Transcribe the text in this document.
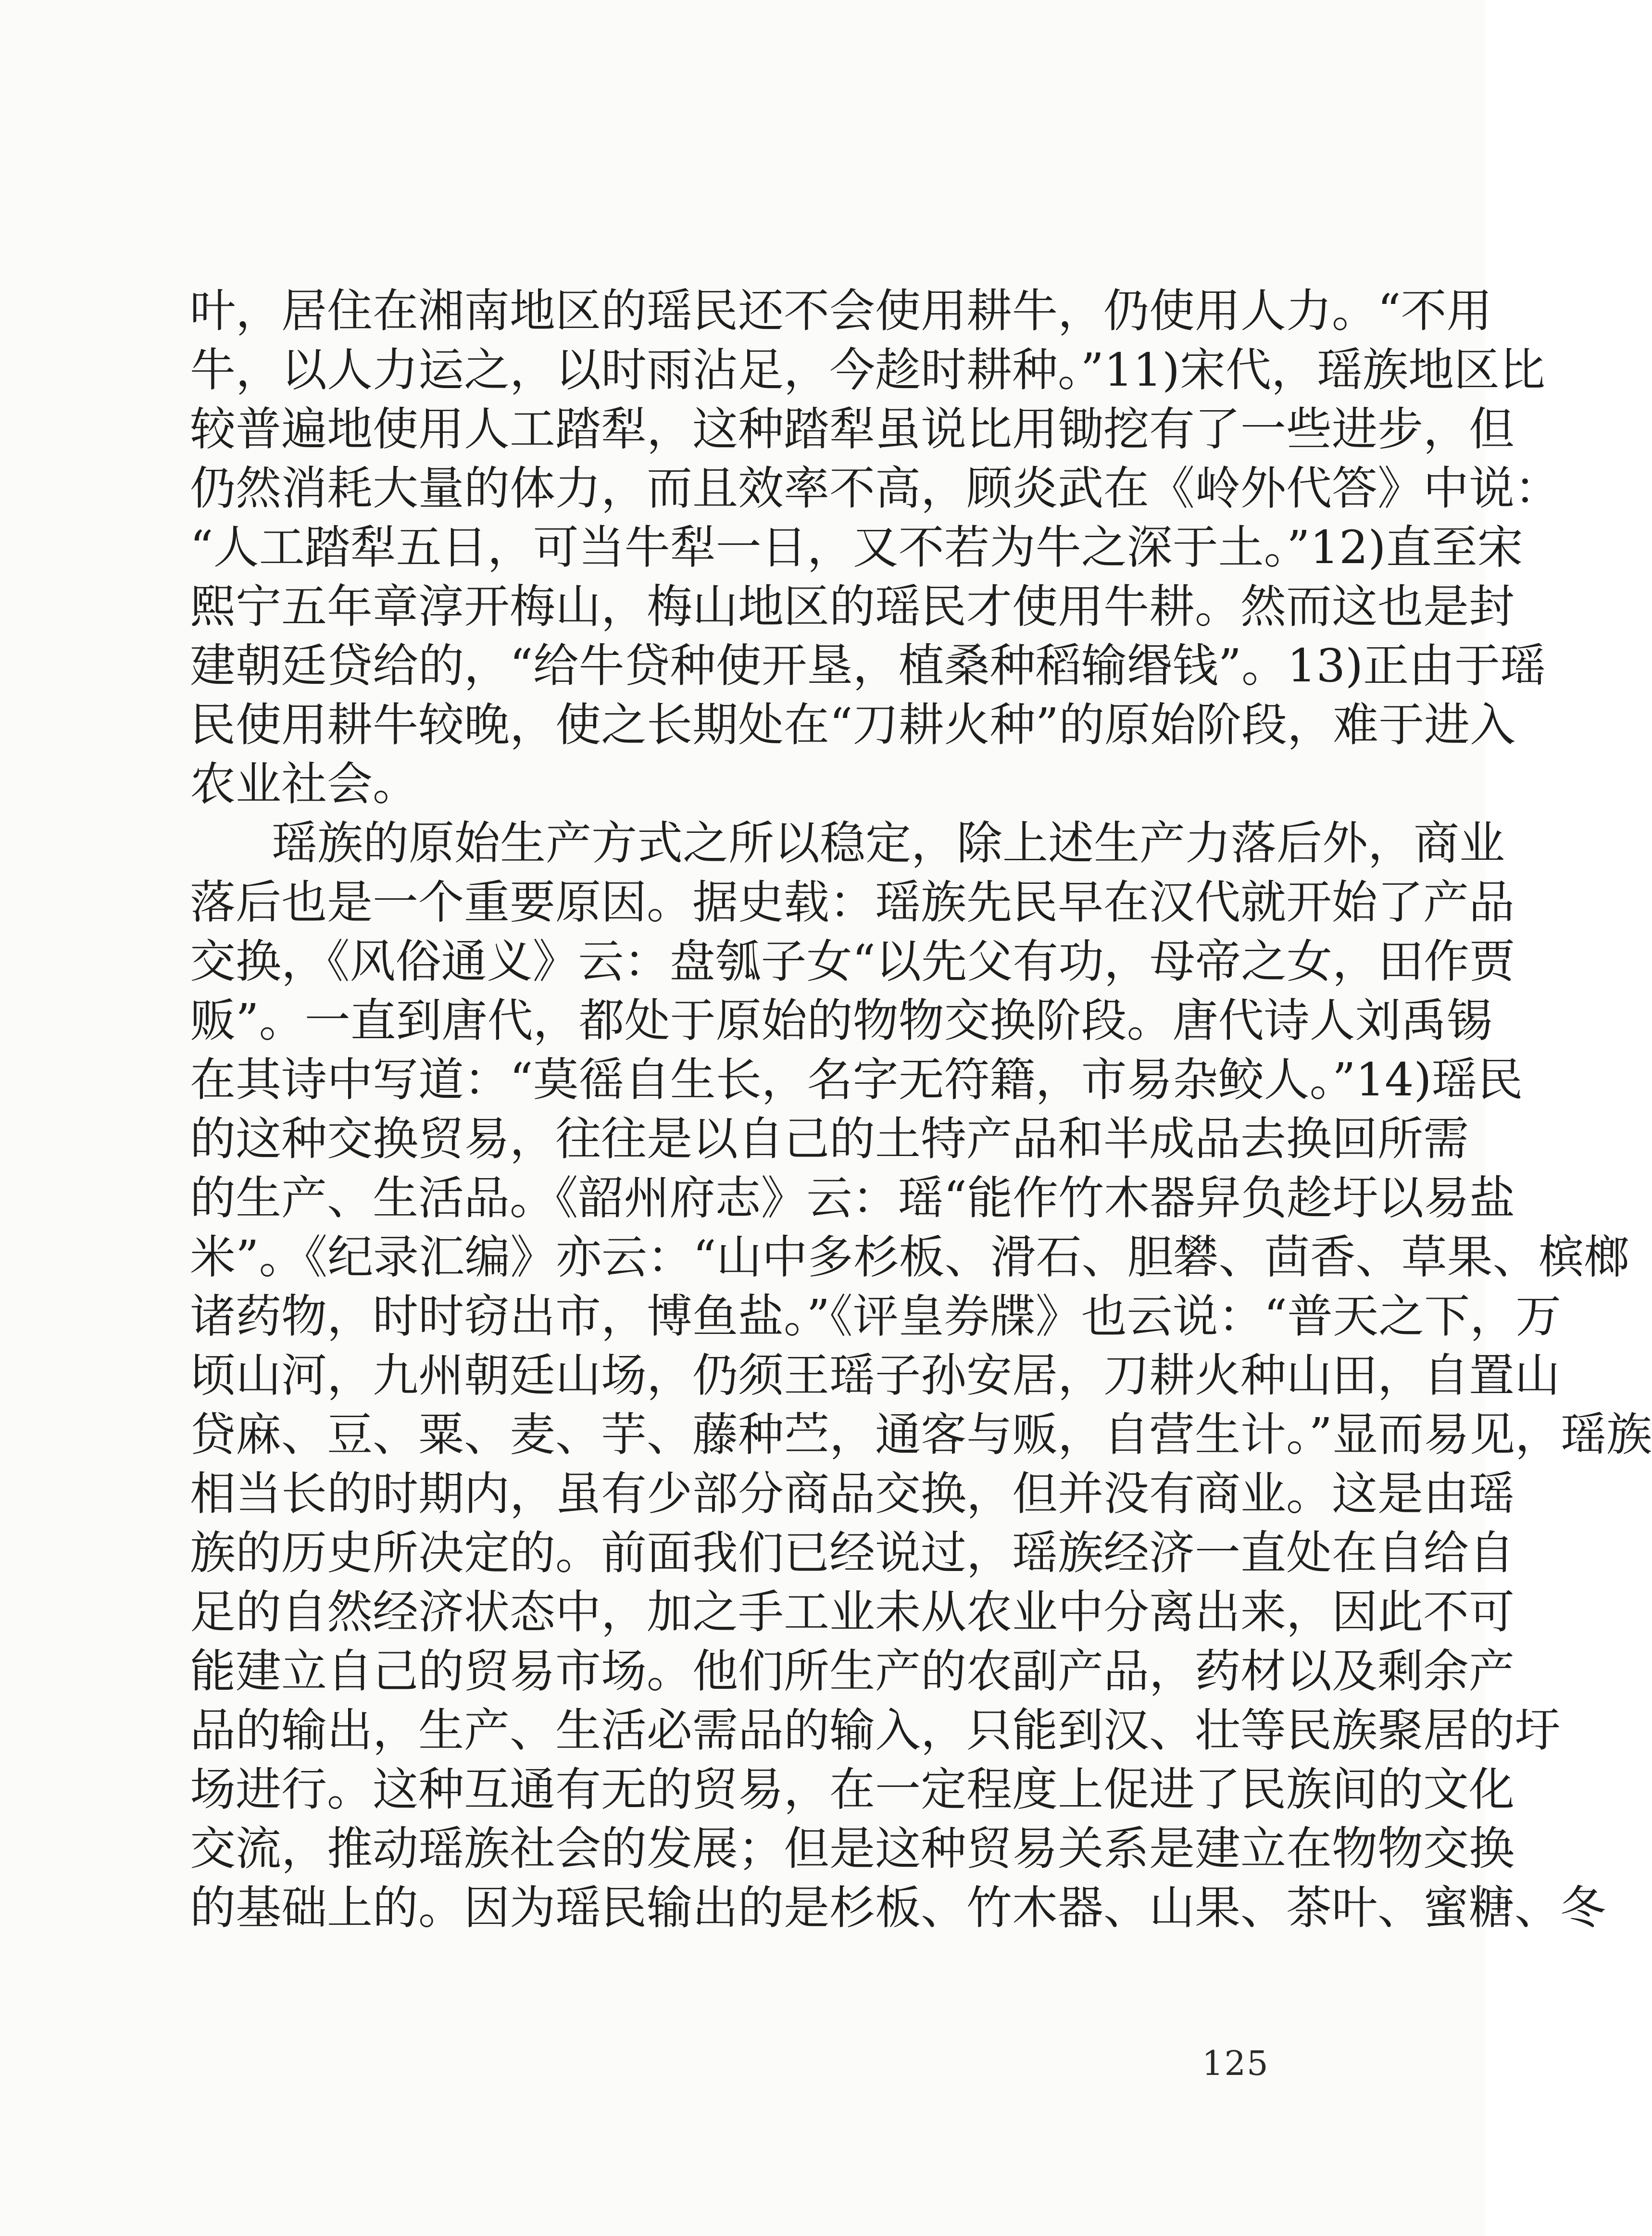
叶，居住在湘南地区的瑶民还不会使用耕牛，仍使用人力。“不用
牛，以人力运之，以时雨沾足，今趁时耕种。”11)宋代，瑶族地区比
较普遍地使用人工踏犁，这种踏犁虽说比用锄挖有了一些进步，但
仍然消耗大量的体力，而且效率不高，顾炎武在《岭外代答》中说：
“人工踏犁五日，可当牛犁一日，又不若为牛之深于土。”12)直至宋
熙宁五年章淳开梅山，梅山地区的瑶民才使用牛耕。然而这也是封
建朝廷贷给的，“给牛贷种使开垦，植桑种稻输缗钱”。13)正由于瑶
民使用耕牛较晚，使之长期处在“刀耕火种”的原始阶段，难于进入
农业社会。
瑶族的原始生产方式之所以稳定，除上述生产力落后外，商业
落后也是一个重要原因。据史载：瑶族先民早在汉代就开始了产品
交换，《风俗通义》云：盘瓠子女“以先父有功，母帝之女，田作贾
贩”。一直到唐代，都处于原始的物物交换阶段。唐代诗人刘禹锡
在其诗中写道：“莫徭自生长，名字无符籍，市易杂鲛人。”14)瑶民
的这种交换贸易，往往是以自己的土特产品和半成品去换回所需
的生产、生活品。《韶州府志》云：瑶“能作竹木器舁负趁圩以易盐
米”。《纪录汇编》亦云：“山中多杉板、滑石、胆礬、茴香、草果、槟榔
诸药物，时时窃出市，博鱼盐。”《评皇券牒》也云说：“普天之下，万
顷山河，九州朝廷山场，仍须王瑶子孙安居，刀耕火种山田，自置山
贷麻、豆、粟、麦、芋、藤种苎，通客与贩，自营生计。”显而易见，瑶族
相当长的时期内，虽有少部分商品交换，但并没有商业。这是由瑶
族的历史所决定的。前面我们已经说过，瑶族经济一直处在自给自
足的自然经济状态中，加之手工业未从农业中分离出来，因此不可
能建立自己的贸易市场。他们所生产的农副产品，药材以及剩余产
品的输出，生产、生活必需品的输入，只能到汉、壮等民族聚居的圩
场进行。这种互通有无的贸易，在一定程度上促进了民族间的文化
交流，推动瑶族社会的发展；但是这种贸易关系是建立在物物交换
的基础上的。因为瑶民输出的是杉板、竹木器、山果、茶叶、蜜糖、冬
125
